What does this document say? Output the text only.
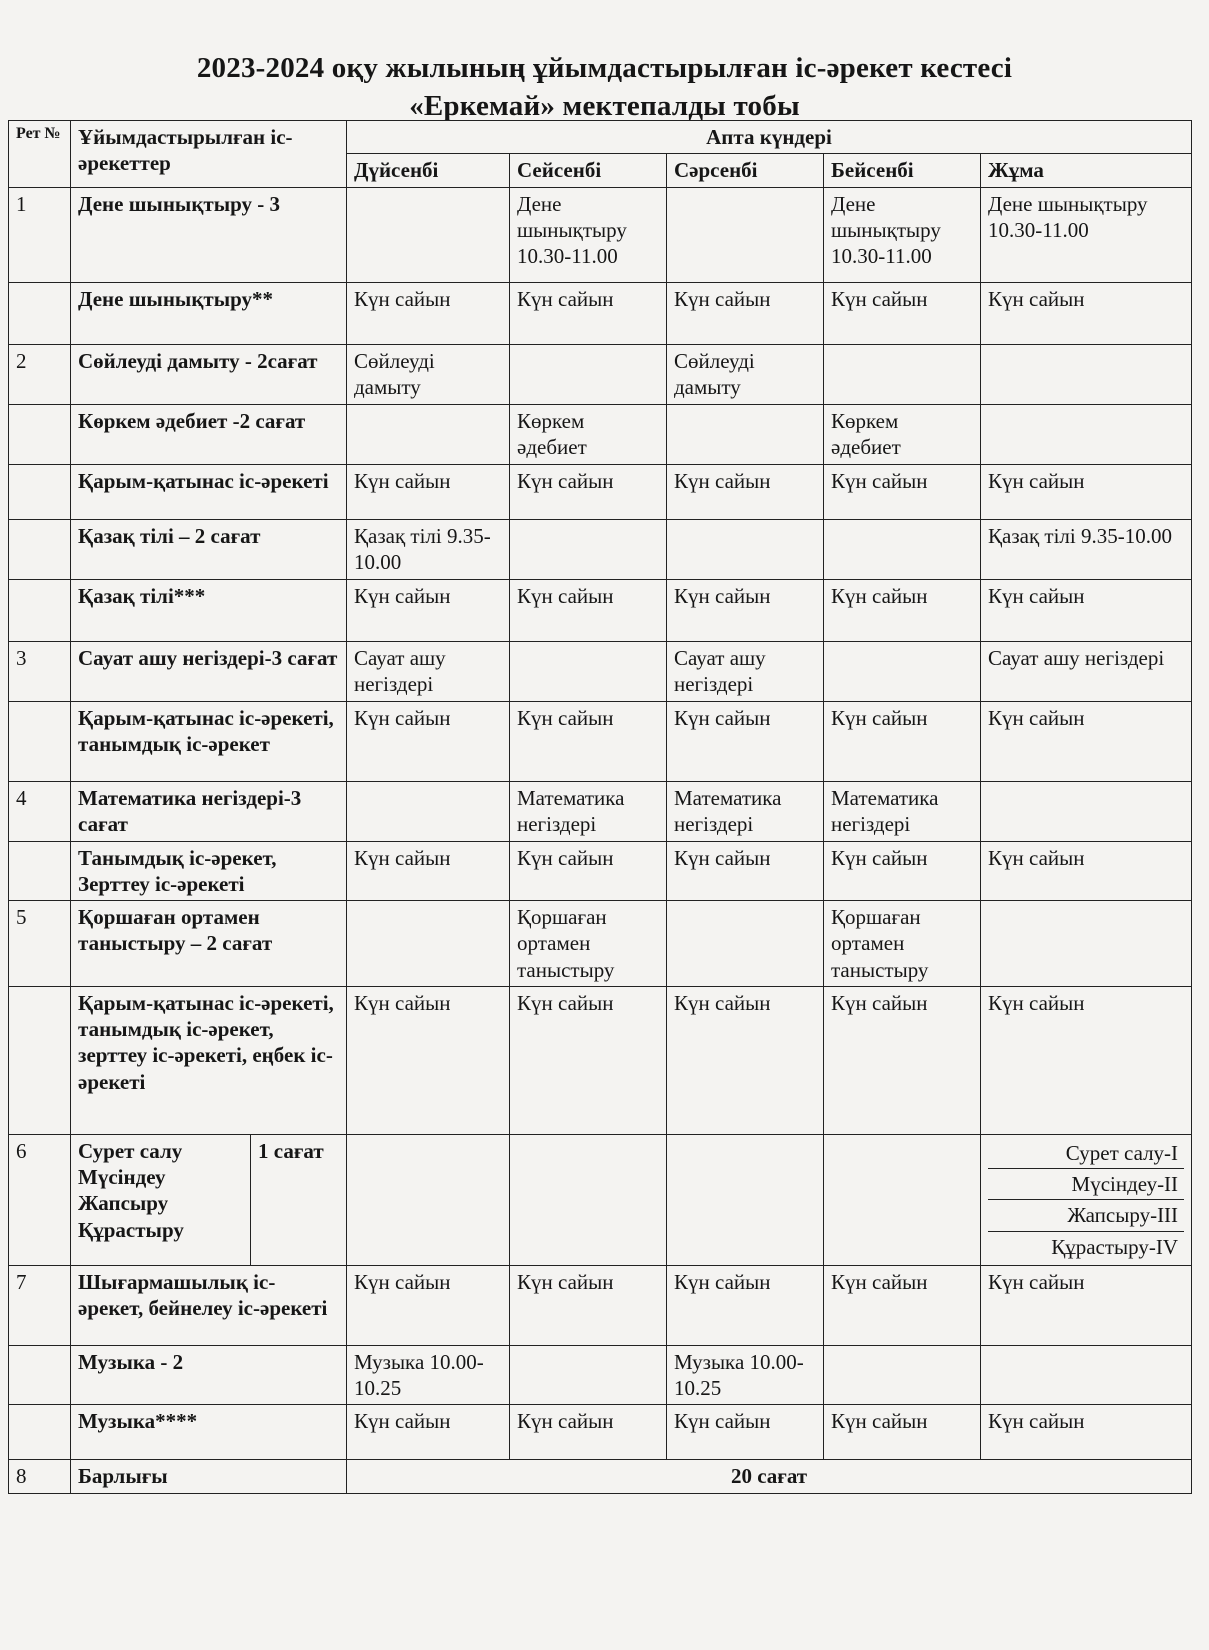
2023-2024 оқу жылының ұйымдастырылған іс-әрекет кестесі
«Еркемай» мектепалды тобы
Рет №	Ұйымдастырылған іс-әрекеттер		Апта күндері				
			Дүйсенбі	Сейсенбі	Сәрсенбі	Бейсенбі	Жұма
1	Дене шынықтыру - 3			Дене шынықтыру 10.30-11.00		Дене шынықтыру 10.30-11.00	Дене шынықтыру 10.30-11.00
	Дене шынықтыру**		Күн сайын	Күн сайын	Күн сайын	Күн сайын	Күн сайын
2	Сөйлеуді дамыту - 2сағат		Сөйлеуді дамыту		Сөйлеуді дамыту		
	Көркем әдебиет -2 сағат			Көркем әдебиет		Көркем әдебиет	
	Қарым-қатынас іс-әрекеті		Күн сайын	Күн сайын	Күн сайын	Күн сайын	Күн сайын
	Қазақ тілі – 2 сағат		Қазақ тілі 9.35-10.00				Қазақ тілі 9.35-10.00
	Қазақ тілі***		Күн сайын	Күн сайын	Күн сайын	Күн сайын	Күн сайын
3	Сауат ашу негіздері-3 сағат		Сауат ашу негіздері		Сауат ашу негіздері		Сауат ашу негіздері
	Қарым-қатынас іс-әрекеті, танымдық іс-әрекет		Күн сайын	Күн сайын	Күн сайын	Күн сайын	Күн сайын
4	Математика негіздері-3 сағат			Математика негіздері	Математика негіздері	Математика негіздері	
	Танымдық іс-әрекет, Зерттеу іс-әрекеті		Күн сайын	Күн сайын	Күн сайын	Күн сайын	Күн сайын
5	Қоршаған ортамен таныстыру – 2 сағат			Қоршаған ортамен таныстыру		Қоршаған ортамен таныстыру	
	Қарым-қатынас іс-әрекеті, танымдық іс-әрекет, зерттеу іс-әрекеті, еңбек іс-әрекеті		Күн сайын	Күн сайын	Күн сайын	Күн сайын	Күн сайын
6	Сурет салу Мүсіндеу Жапсыру Құрастыру	1 сағат					Сурет салу-I
Мүсіндеу-II
Жапсыру-III
Құрастыру-IV

7	Шығармашылық іс-әрекет, бейнелеу іс-әрекеті		Күн сайын	Күн сайын	Күн сайын	Күн сайын	Күн сайын
	Музыка - 2		Музыка 10.00-10.25		Музыка 10.00-10.25		
	Музыка****		Күн сайын	Күн сайын	Күн сайын	Күн сайын	Күн сайын
8	Барлығы		20 сағат				
